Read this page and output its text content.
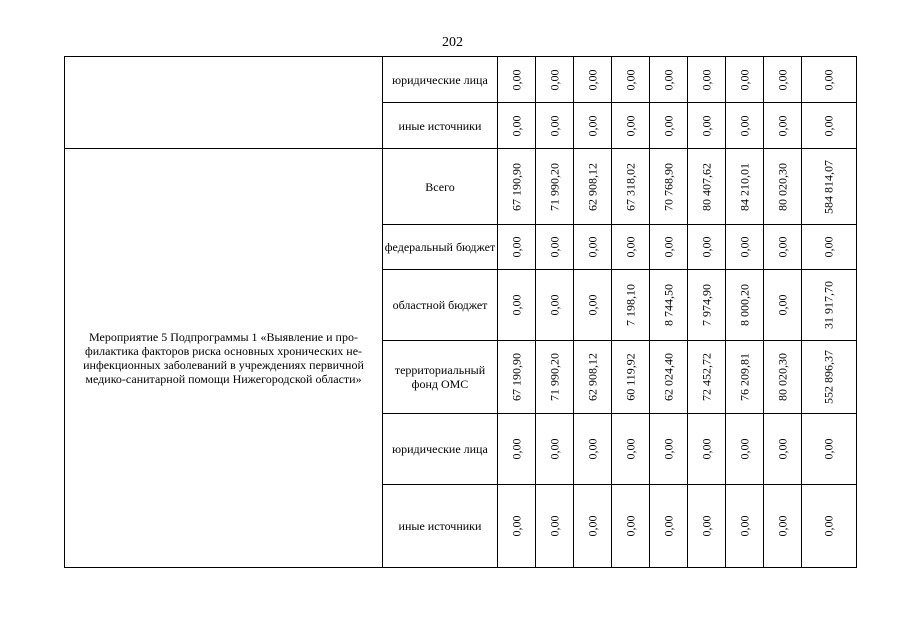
202
	юридические лица	0,00	0,00	0,00	0,00	0,00	0,00	0,00	0,00	0,00

	иные источники	0,00	0,00	0,00	0,00	0,00	0,00	0,00	0,00	0,00

Мероприятие 5 Подпрограммы 1 «Выявление и про-филактика факторов риска основных хронических не-инфекционных заболеваний в учреждениях первичной медико-санитарной помощи Нижегородской области»	Всего	67 190,90	71 990,20	62 908,12	67 318,02	70 768,90	80 407,62	84 210,01	80 020,30	584 814,07

	федеральный бюджет	0,00	0,00	0,00	0,00	0,00	0,00	0,00	0,00	0,00

	областной бюджет	0,00	0,00	0,00	7 198,10	8 744,50	7 974,90	8 000,20	0,00	31 917,70

	территориальный фонд ОМС	67 190,90	71 990,20	62 908,12	60 119,92	62 024,40	72 452,72	76 209,81	80 020,30	552 896,37

	юридические лица	0,00	0,00	0,00	0,00	0,00	0,00	0,00	0,00	0,00

	иные источники	0,00	0,00	0,00	0,00	0,00	0,00	0,00	0,00	0,00
